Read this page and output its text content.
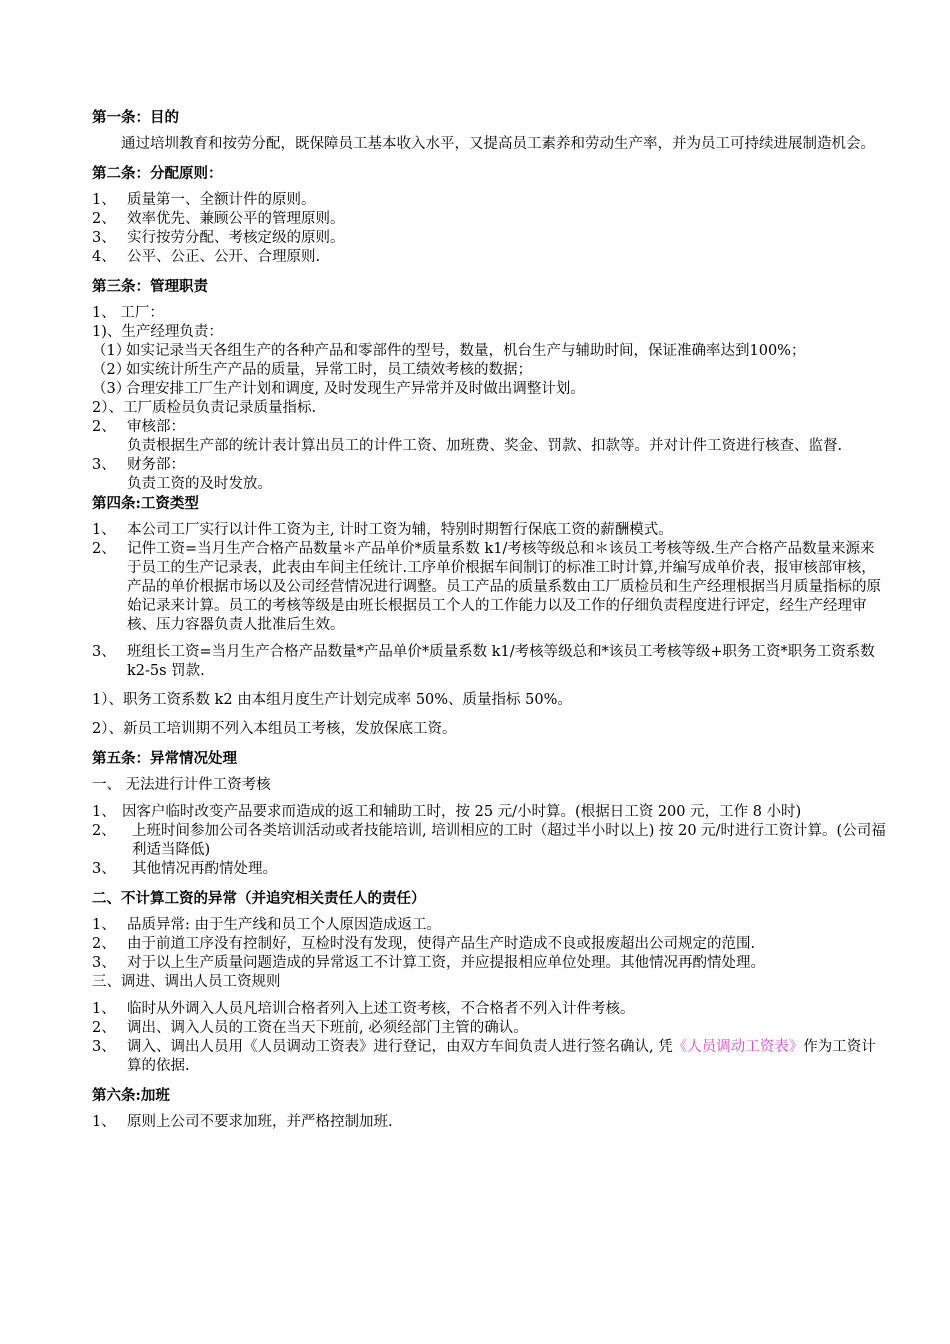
第一条：目的

通过培圳教育和按劳分配，既保障员工基本收入水平，又提高员工素养和劳动生产率，并为员工可持续进展制造机会。

第二条：分配原则：

1、 质量第一、全额计件的原则。
2、 效率优先、兼顾公平的管理原则。
3、 实行按劳分配、考核定级的原则。
4、 公平、公正、公开、合理原则.

第三条：管理职责

1、 工厂：

1)、生产经理负责：

（1）
如实记录当天各组生产的各种产品和零部件的型号，数量，机台生产与辅助时间，保证准确率达到100%；
（2）
如实统计所生产产品的质量，异常工时，员工绩效考核的数据；
（3）
合理安排工厂生产计划和调度, 及时发现生产异常并及时做出调整计划。

2）、工厂质检员负责记录质量指标.

2、 审核部：

负责根据生产部的统计表计算出员工的计件工资、加班费、奖金、罚款、扣款等。并对计件工资进行核查、监督.

3、 财务部：

负责工资的及时发放。

第四条:工资类型

1、 本公司工厂实行以计件工资为主, 计时工资为辅，特别时期暂行保底工资的薪酬模式。
2、 记件工资=当月生产合格产品数量＊产品单价*质量系数 k1/考核等级总和＊该员工考核等级.生产合格产品数量来源来于员工的生产记录表，此表由车间主任统计.工序单价根据车间制订的标准工时计算,并编写成单价表，报审核部审核，产品的单价根据市场以及公司经营情况进行调整。员工产品的质量系数由工厂质检员和生产经理根据当月质量指标的原始记录来计算。员工的考核等级是由班长根据员工个人的工作能力以及工作的仔细负责程度进行评定，经生产经理审核、压力容器负责人批准后生效。
3、 班组长工资=当月生产合格产品数量*产品单价*质量系数 k1/考核等级总和*该员工考核等级+职务工资*职务工资系数 k2-5s 罚款.

1）、职务工资系数 k2 由本组月度生产计划完成率 50%、质量指标 50%。

2）、新员工培训期不列入本组员工考核，发放保底工资。

第五条：异常情况处理

一、 无法进行计件工资考核

1、 因客户临时改变产品要求而造成的返工和辅助工时，按 25 元/小时算。(根据日工资 200 元，工作 8 小时)
2、	上班时间参加公司各类培训活动或者技能培训, 培训相应的工时（超过半小时以上) 按 20 元/时进行工资计算。(公司福利适当降低)
3、	其他情况再酌情处理。

二、不计算工资的异常（并追究相关责任人的责任）

1、 品质异常: 由于生产线和员工个人原因造成返工。
2、 由于前道工序没有控制好，互检时没有发现，使得产品生产时造成不良或报废超出公司规定的范围.
3、 对于以上生产质量问题造成的异常返工不计算工资，并应提报相应单位处理。其他情况再酌情处理。

三、调进、调出人员工资规则

1、 临时从外调入人员凡培训合格者列入上述工资考核，不合格者不列入计件考核。
2、 调出、调入人员的工资在当天下班前, 必须经部门主管的确认。
3、 调入、调出人员用《人员调动工资表》进行登记，由双方车间负责人进行签名确认, 凭《人员调动工资表》作为工资计算的依据.

第六条:加班

1、 原则上公司不要求加班，并严格控制加班.
